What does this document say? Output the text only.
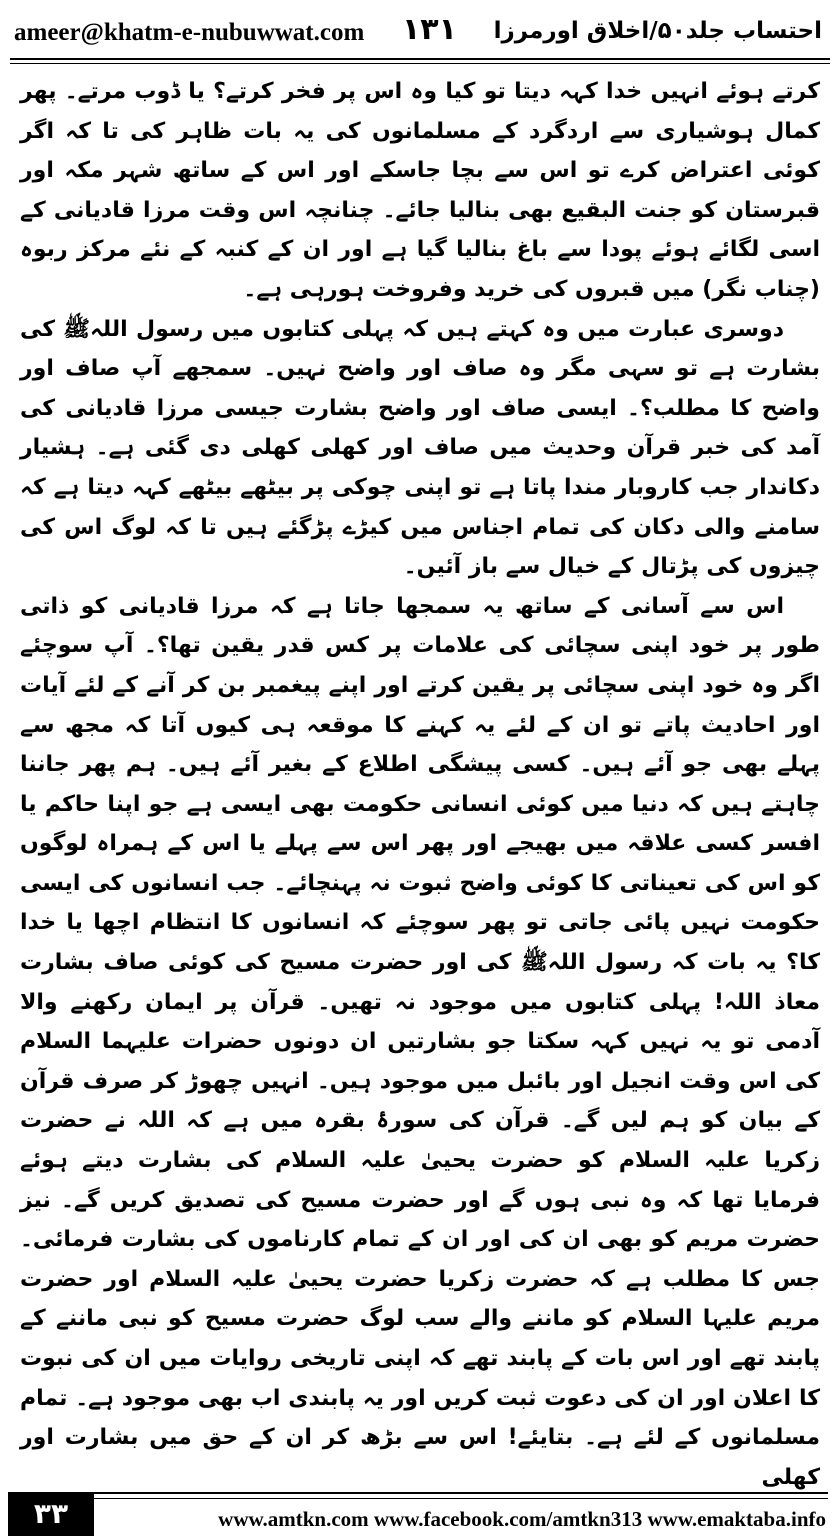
ameer@khatm-e-nubuwwat.com ۱۳۱ احتساب جلد۵۰/اخلاق اورمرزا

کرتے ہوئے انہیں خدا کہہ دیتا تو کیا وہ اس پر فخر کرتے؟ یا ڈوب مرتے۔ پھر کمال ہوشیاری سے اردگرد کے مسلمانوں کی یہ بات ظاہر کی تا کہ اگر کوئی اعتراض کرے تو اس سے بچا جاسکے اور اس کے ساتھ شہر مکہ اور قبرستان کو جنت البقیع بھی بنالیا جائے۔ چنانچہ اس وقت مرزا قادیانی کے اسی لگائے ہوئے پودا سے باغ بنالیا گیا ہے اور ان کے کنبہ کے نئے مرکز ربوہ (چناب نگر) میں قبروں کی خرید وفروخت ہورہی ہے۔

دوسری عبارت میں وہ کہتے ہیں کہ پہلی کتابوں میں رسول اللہﷺ کی بشارت ہے تو سہی مگر وہ صاف اور واضح نہیں۔ سمجھے آپ صاف اور واضح کا مطلب؟۔ ایسی صاف اور واضح بشارت جیسی مرزا قادیانی کی آمد کی خبر قرآن وحدیث میں صاف اور کھلی کھلی دی گئی ہے۔ ہشیار دکاندار جب کاروبار مندا پاتا ہے تو اپنی چوکی پر بیٹھے بیٹھے کہہ دیتا ہے کہ سامنے والی دکان کی تمام اجناس میں کیڑے پڑگئے ہیں تا کہ لوگ اس کی چیزوں کی پڑتال کے خیال سے باز آئیں۔

اس سے آسانی کے ساتھ یہ سمجھا جاتا ہے کہ مرزا قادیانی کو ذاتی طور پر خود اپنی سچائی کی علامات پر کس قدر یقین تھا؟۔ آپ سوچئے اگر وہ خود اپنی سچائی پر یقین کرتے اور اپنے پیغمبر بن کر آنے کے لئے آیات اور احادیث پاتے تو ان کے لئے یہ کہنے کا موقعہ ہی کیوں آتا کہ مجھ سے پہلے بھی جو آئے ہیں۔ کسی پیشگی اطلاع کے بغیر آئے ہیں۔ ہم پھر جاننا چاہتے ہیں کہ دنیا میں کوئی انسانی حکومت بھی ایسی ہے جو اپنا حاکم یا افسر کسی علاقہ میں بھیجے اور پھر اس سے پہلے یا اس کے ہمراہ لوگوں کو اس کی تعیناتی کا کوئی واضح ثبوت نہ پہنچائے۔ جب انسانوں کی ایسی حکومت نہیں پائی جاتی تو پھر سوچئے کہ انسانوں کا انتظام اچھا یا خدا کا؟ یہ بات کہ رسول اللہﷺ کی اور حضرت مسیح کی کوئی صاف بشارت معاذ اللہ! پہلی کتابوں میں موجود نہ تھیں۔ قرآن پر ایمان رکھنے والا آدمی تو یہ نہیں کہہ سکتا جو بشارتیں ان دونوں حضرات علیہما السلام کی اس وقت انجیل اور بائبل میں موجود ہیں۔ انہیں چھوڑ کر صرف قرآن کے بیان کو ہم لیں گے۔ قرآن کی سورۂ بقرہ میں ہے کہ اللہ نے حضرت زکریا علیہ السلام کو حضرت یحییٰ علیہ السلام کی بشارت دیتے ہوئے فرمایا تھا کہ وہ نبی ہوں گے اور حضرت مسیح کی تصدیق کریں گے۔ نیز حضرت مریم کو بھی ان کی اور ان کے تمام کارناموں کی بشارت فرمائی۔ جس کا مطلب ہے کہ حضرت زکریا حضرت یحییٰ علیہ السلام اور حضرت مریم علیہا السلام کو ماننے والے سب لوگ حضرت مسیح کو نبی ماننے کے پابند تھے اور اس بات کے پابند تھے کہ اپنی تاریخی روایات میں ان کی نبوت کا اعلان اور ان کی دعوت ثبت کریں اور یہ پابندی اب بھی موجود ہے۔ تمام مسلمانوں کے لئے ہے۔ بتایئے! اس سے بڑھ کر ان کے حق میں بشارت اور کھلی

۳۳	www.amtkn.com www.facebook.com/amtkn313 www.emaktaba.info
